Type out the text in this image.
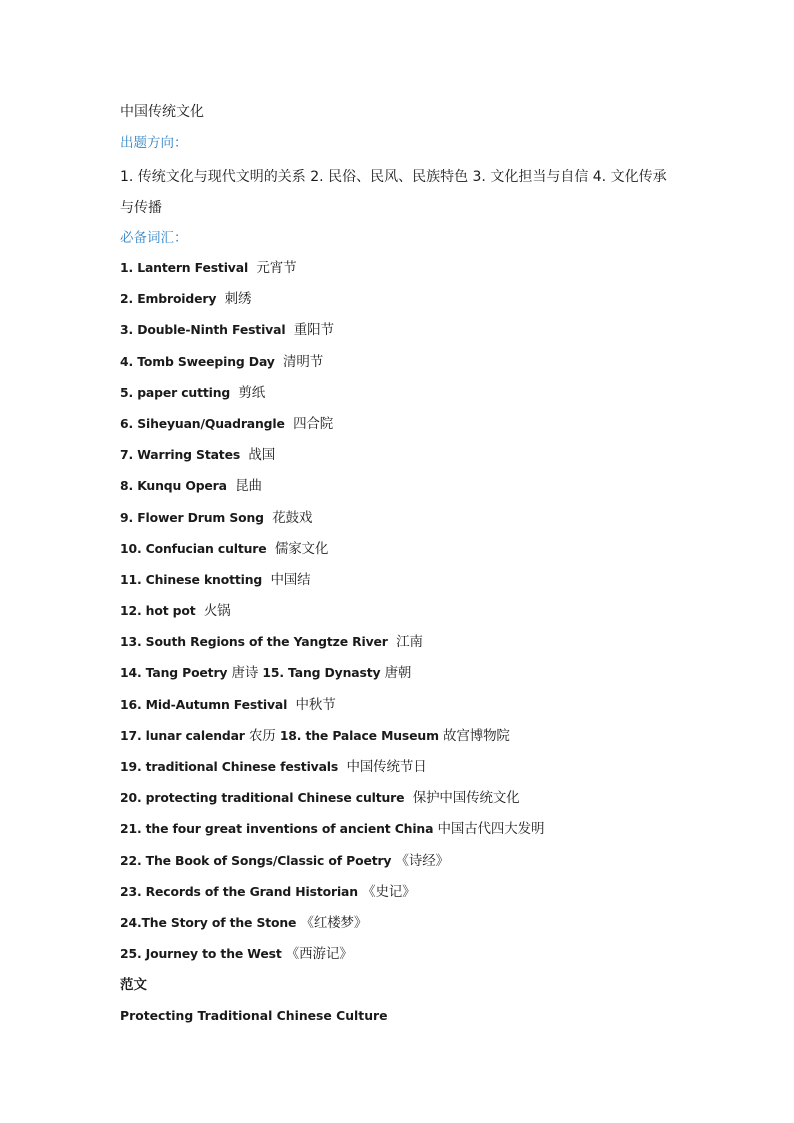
中国传统文化

出题方向：

1. 传统文化与现代文明的关系 2. 民俗、民风、民族特色 3. 文化担当与自信 4. 文化传承与传播

必备词汇：

1. Lantern Festival 元宵节

2. Embroidery 刺绣

3. Double-Ninth Festival 重阳节

4. Tomb Sweeping Day 清明节

5. paper cutting 剪纸

6. Siheyuan/Quadrangle 四合院

7. Warring States 战国

8. Kunqu Opera 昆曲

9. Flower Drum Song 花鼓戏

10. Confucian culture 儒家文化

11. Chinese knotting 中国结

12. hot pot 火锅

13. South Regions of the Yangtze River 江南

14. Tang Poetry 唐诗 15. Tang Dynasty 唐朝

16. Mid-Autumn Festival 中秋节

17. lunar calendar 农历 18. the Palace Museum 故宫博物院

19. traditional Chinese festivals 中国传统节日

20. protecting traditional Chinese culture 保护中国传统文化

21. the four great inventions of ancient China 中国古代四大发明

22. The Book of Songs/Classic of Poetry 《诗经》

23. Records of the Grand Historian 《史记》

24.The Story of the Stone 《红楼梦》

25. Journey to the West 《西游记》

范文

Protecting Traditional Chinese Culture
